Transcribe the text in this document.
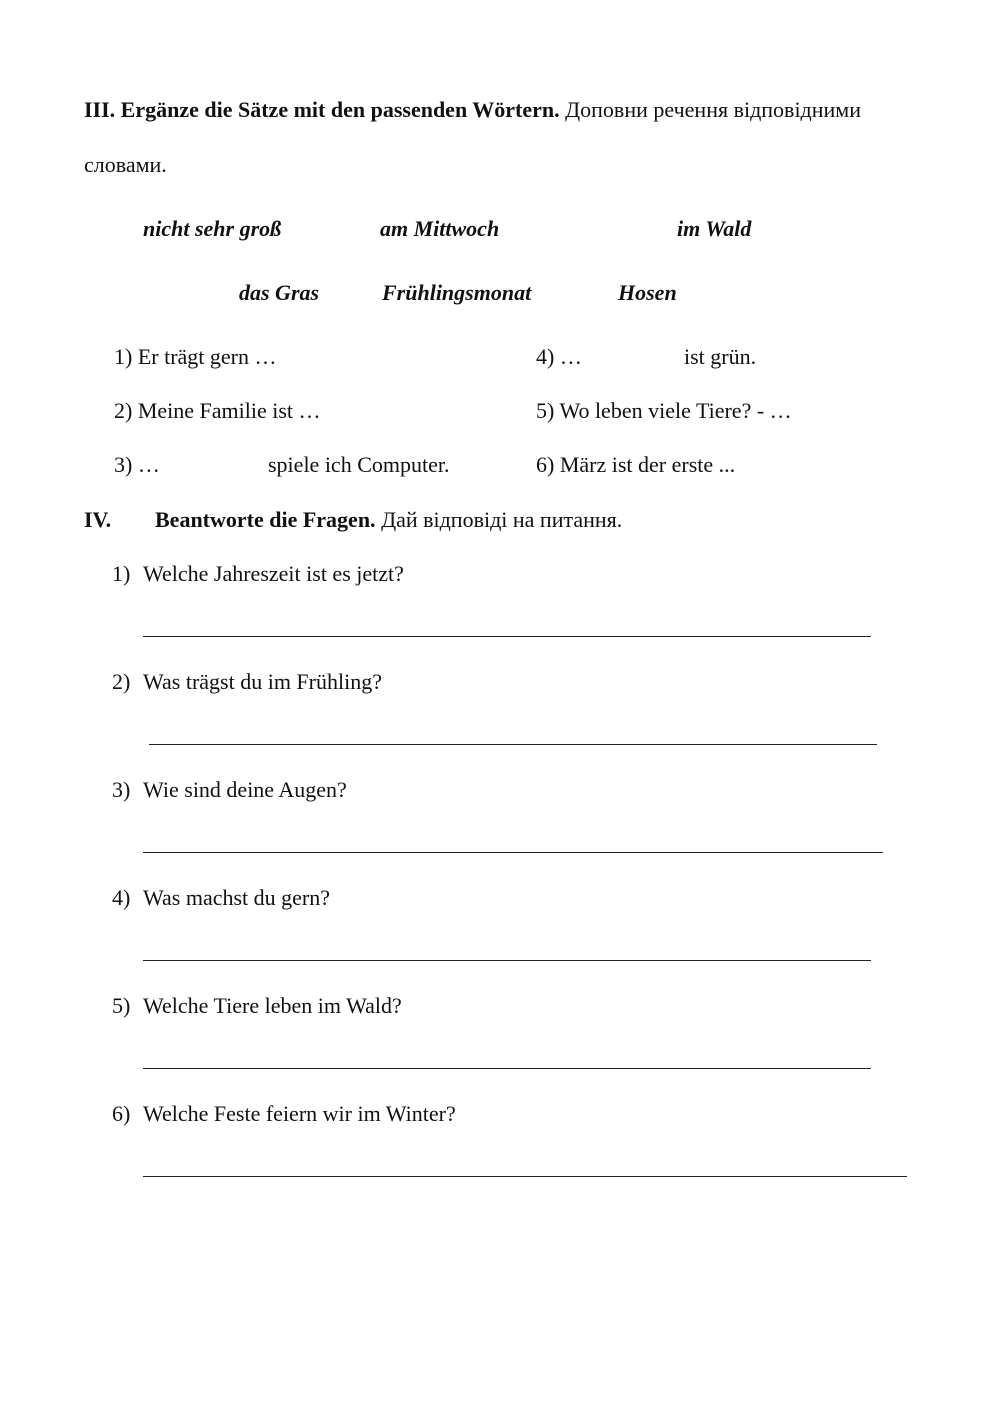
III. Ergänze die Sätze mit den passenden Wörtern. Доповни речення відповідними
словами.
nicht sehr groß	am Mittwoch	im Wald
das Gras	Frühlingsmonat	Hosen
1) Er trägt gern …
2) Meine Familie ist …
3) …	spiele ich Computer.
4) …	ist grün.
5) Wo leben viele Tiere? - …
6) März ist der erste ...
IV. Beantworte die Fragen. Дай відповіді на питання.
1) Welche Jahreszeit ist es jetzt?
2) Was trägst du im Frühling?
3) Wie sind deine Augen?
4) Was machst du gern?
5) Welche Tiere leben im Wald?
6) Welche Feste feiern wir im Winter?
